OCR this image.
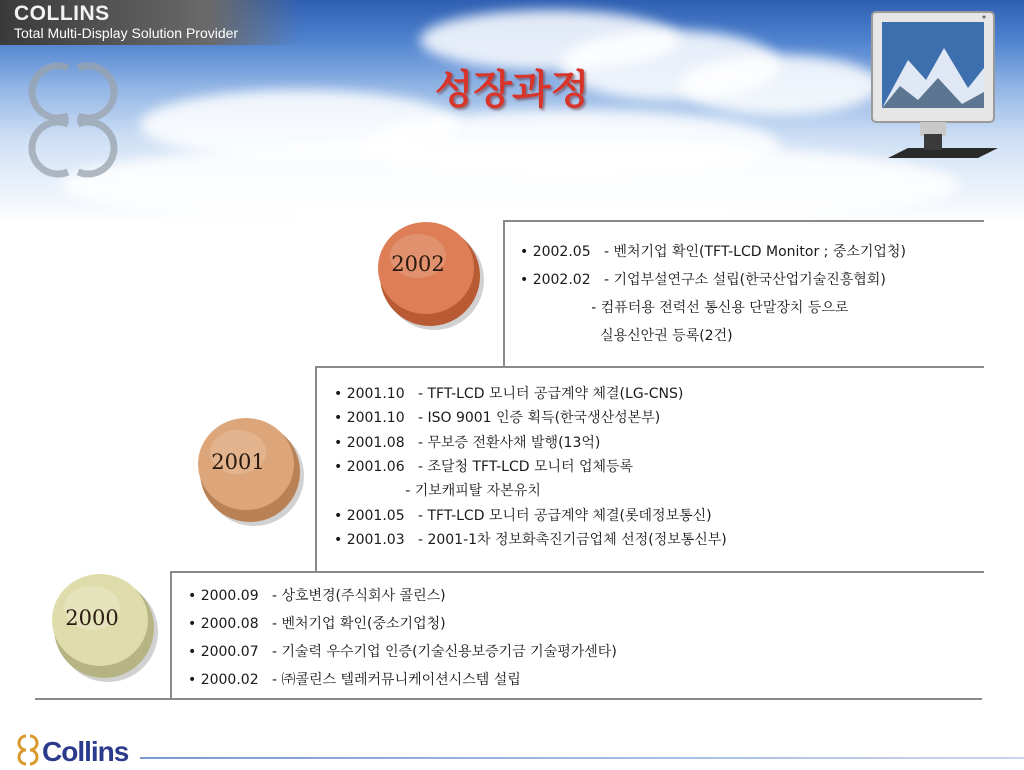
COLLINS
Total Multi-Display Solution Provider
성장과정
2002
2001
2000
• 2002.05   - 벤처기업 확인(TFT-LCD Monitor ; 중소기업청)
• 2002.02   - 기업부설연구소 설립(한국산업기술진흥협회)
- 컴퓨터용 전력선 통신용 단말장치 등으로
실용신안권 등록(2건)
• 2001.10   - TFT-LCD 모니터 공급계약 체결(LG-CNS)
• 2001.10   - ISO 9001 인증 획득(한국생산성본부)
• 2001.08   - 무보증 전환사채 발행(13억)
• 2001.06   - 조달청 TFT-LCD 모니터 업체등록
- 기보캐피탈 자본유치
• 2001.05   - TFT-LCD 모니터 공급계약 체결(롯데정보통신)
• 2001.03   - 2001-1차 정보화촉진기금업체 선정(정보통신부)
• 2000.09   - 상호변경(주식회사 콜린스)
• 2000.08   - 벤처기업 확인(중소기업청)
• 2000.07   - 기술력 우수기업 인증(기술신용보증기금 기술평가센타)
• 2000.02   - ㈜콜린스 텔레커뮤니케이션시스템 설립
Collins
